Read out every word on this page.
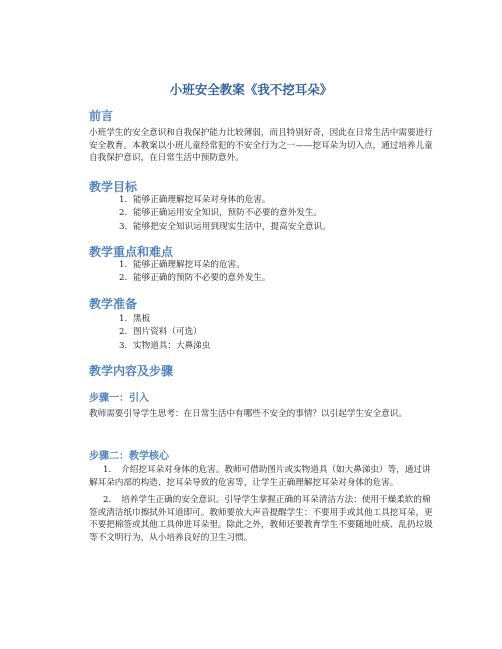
小班安全教案《我不挖耳朵》
前言

小班学生的安全意识和自我保护能力比较薄弱，而且特别好奇，因此在日常生活中需要进行安全教育。本教案以小班儿童经常犯的不安全行为之一——挖耳朵为切入点，通过培养儿童自我保护意识，在日常生活中预防意外。

教学目标
1. 能够正确理解挖耳朵对身体的危害。
2. 能够正确运用安全知识，预防不必要的意外发生。
3. 能够把安全知识运用到现实生活中，提高安全意识。
教学重点和难点
1. 能够正确理解挖耳朵的危害。
2. 能够正确的预防不必要的意外发生。
教学准备
1. 黑板
2. 图片资料（可选）
3. 实物道具：大鼻涕虫
教学内容及步骤
步骤一：引入

教师需要引导学生思考：在日常生活中有哪些不安全的事情？以引起学生安全意识。

步骤二：教学核心
1. 介绍挖耳朵对身体的危害。教师可借助图片或实物道具（如大鼻涕虫）等，通过讲解耳朵内部的构造、挖耳朵导致的危害等，让学生正确理解挖耳朵对身体的危害。
2. 培养学生正确的安全意识。引导学生掌握正确的耳朵清洁方法：使用干燥柔软的棉签或清洁纸巾擦拭外耳道即可。教师要放大声音提醒学生：不要用手或其他工具挖耳朵，更不要把棉签或其他工具伸进耳朵里。除此之外，教师还要教育学生不要随地吐痰、乱扔垃圾等不文明行为，从小培养良好的卫生习惯。
